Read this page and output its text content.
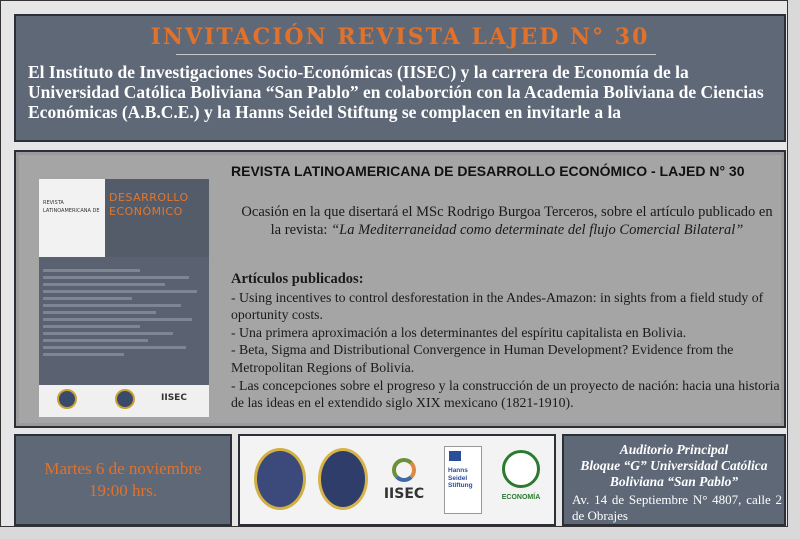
INVITACIÓN REVISTA LAJED N° 30
El Instituto de Investigaciones Socio-Económicas (IISEC) y la carrera de Economía de la Universidad Católica Boliviana “San Pablo” en colaborción con la Academia Boliviana de Ciencias Económicas (A.B.C.E.) y la Hanns Seidel Stiftung se complacen en invitarle a la
REVISTA LATINOAMERICANA DE
DESARROLLO ECONÓMICO
IISEC
REVISTA LATINOAMERICANA DE DESARROLLO ECONÓMICO - LAJED N° 30
Ocasión en la que disertará el MSc Rodrigo Burgoa Terceros, sobre el artículo publicado en la revista: “La Mediterraneidad como determinate del flujo Comercial Bilateral”
Artículos publicados:
- Using incentives to control desforestation in the Andes-Amazon: in sights from a field study of oportunity costs.
- Una primera aproximación a los determinantes del espíritu capitalista en Bolivia.
- Beta, Sigma and Distributional Convergence in Human Development? Evidence from the Metropolitan Regions of Bolivia.
- Las concepciones sobre el progreso y la construcción de un proyecto de nación: hacia una historia de las ideas en el extendido siglo XIX mexicano (1821-1910).
Martes 6 de noviembre
19:00 hrs.	IISEC
Hanns Seidel Stiftung
ECONOMÍA
Auditorio Principal
Bloque “G” Universidad Católica Boliviana “San Pablo”
Av. 14 de Septiembre N° 4807, calle 2 de Obrajes
